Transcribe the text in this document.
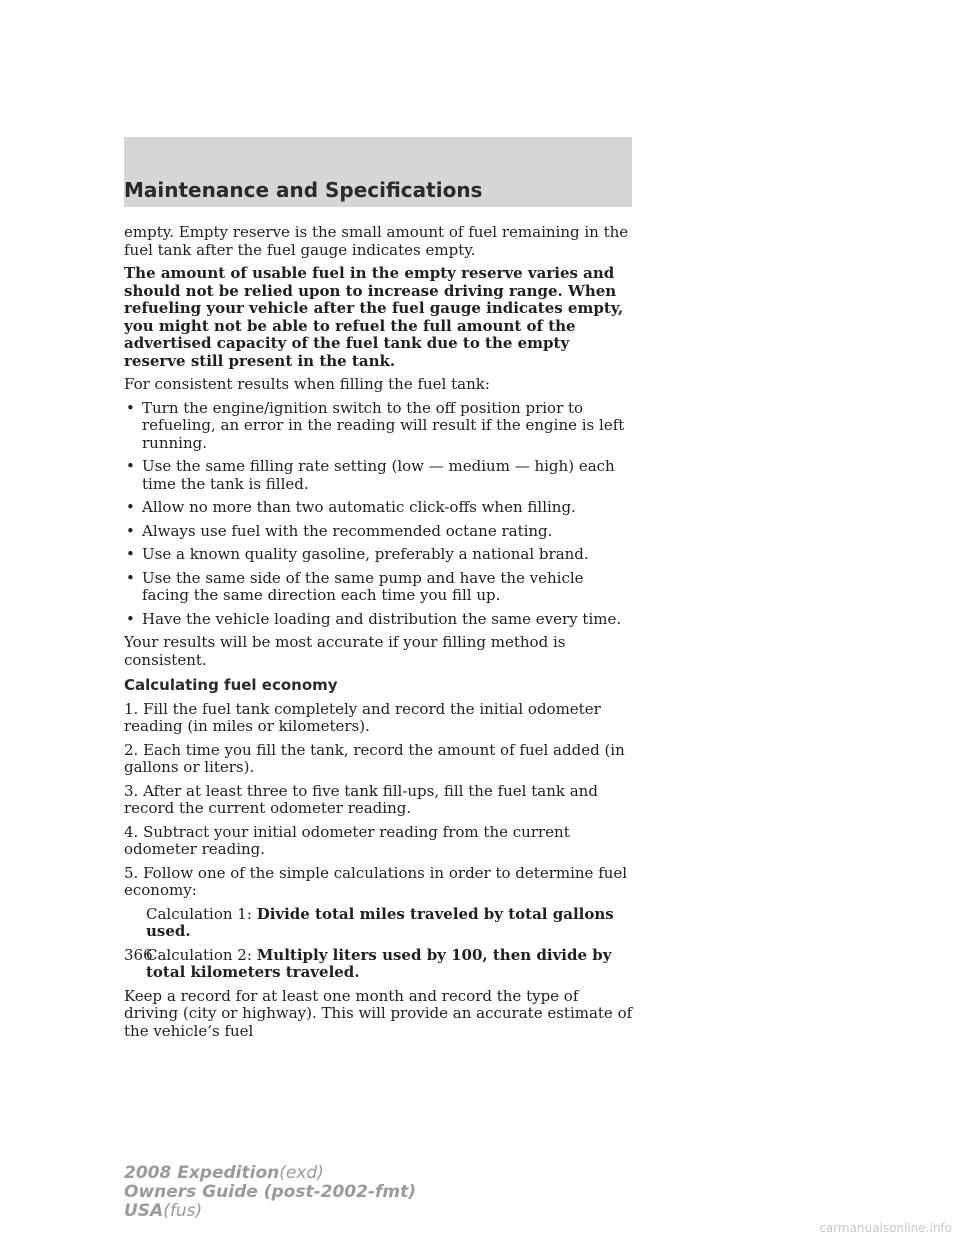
Maintenance and Specifications

empty. Empty reserve is the small amount of fuel remaining in the fuel tank after the fuel gauge indicates empty.

The amount of usable fuel in the empty reserve varies and should not be relied upon to increase driving range. When refueling your vehicle after the fuel gauge indicates empty, you might not be able to refuel the full amount of the advertised capacity of the fuel tank due to the empty reserve still present in the tank.

For consistent results when filling the fuel tank:

• Turn the engine/ignition switch to the off position prior to refueling, an error in the reading will result if the engine is left running.
• Use the same filling rate setting (low — medium — high) each time the tank is filled.
• Allow no more than two automatic click-offs when filling.
• Always use fuel with the recommended octane rating.
• Use a known quality gasoline, preferably a national brand.
• Use the same side of the same pump and have the vehicle facing the same direction each time you fill up.
• Have the vehicle loading and distribution the same every time.

Your results will be most accurate if your filling method is consistent.

Calculating fuel economy

1. Fill the fuel tank completely and record the initial odometer reading (in miles or kilometers).

2. Each time you fill the tank, record the amount of fuel added (in gallons or liters).

3. After at least three to five tank fill-ups, fill the fuel tank and record the current odometer reading.

4. Subtract your initial odometer reading from the current odometer reading.

5. Follow one of the simple calculations in order to determine fuel economy:

Calculation 1: Divide total miles traveled by total gallons used.

Calculation 2: Multiply liters used by 100, then divide by total kilometers traveled.

Keep a record for at least one month and record the type of driving (city or highway). This will provide an accurate estimate of the vehicle’s fuel

366
2008 Expedition(exd)
Owners Guide (post-2002-fmt)
USA(fus)
carmanualsonline.info
